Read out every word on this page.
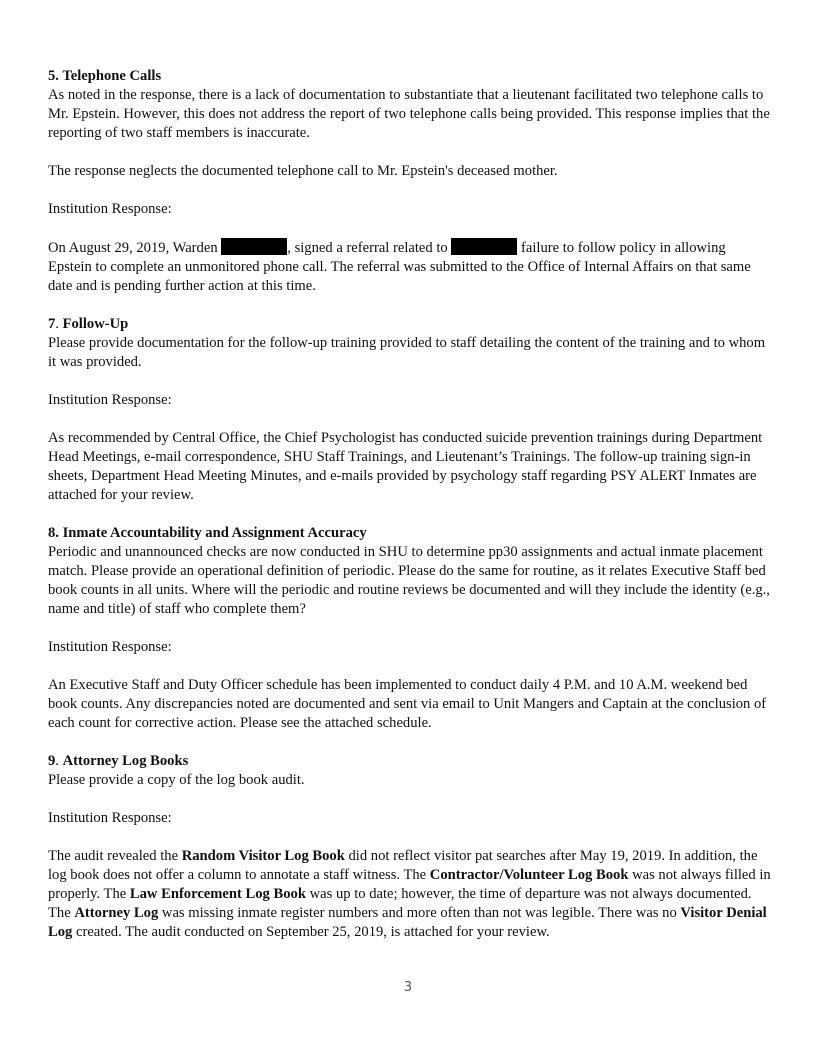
5. Telephone Calls

As noted in the response, there is a lack of documentation to substantiate that a lieutenant facilitated two telephone calls to Mr. Epstein. However, this does not address the report of two telephone calls being provided. This response implies that the reporting of two staff members is inaccurate.

The response neglects the documented telephone call to Mr. Epstein's deceased mother.

Institution Response:

On August 29, 2019, Warden	, signed a referral related to	failure to follow policy in allowing Epstein to complete an unmonitored phone call. The referral was submitted to the Office of Internal Affairs on that same date and is pending further action at this time.

7. Follow-Up

Please provide documentation for the follow-up training provided to staff detailing the content of the training and to whom it was provided.

Institution Response:

As recommended by Central Office, the Chief Psychologist has conducted suicide prevention trainings during Department Head Meetings, e-mail correspondence, SHU Staff Trainings, and Lieutenant’s Trainings. The follow-up training sign-in sheets, Department Head Meeting Minutes, and e-mails provided by psychology staff regarding PSY ALERT Inmates are attached for your review.

8. Inmate Accountability and Assignment Accuracy

Periodic and unannounced checks are now conducted in SHU to determine pp30 assignments and actual inmate placement match. Please provide an operational definition of periodic. Please do the same for routine, as it relates Executive Staff bed book counts in all units. Where will the periodic and routine reviews be documented and will they include the identity (e.g., name and title) of staff who complete them?

Institution Response:

An Executive Staff and Duty Officer schedule has been implemented to conduct daily 4 P.M. and 10 A.M. weekend bed book counts. Any discrepancies noted are documented and sent via email to Unit Mangers and Captain at the conclusion of each count for corrective action. Please see the attached schedule.

9. Attorney Log Books

Please provide a copy of the log book audit.

Institution Response:

The audit revealed the Random Visitor Log Book did not reflect visitor pat searches after May 19, 2019. In addition, the log book does not offer a column to annotate a staff witness. The Contractor/Volunteer Log Book was not always filled in properly. The Law Enforcement Log Book was up to date; however, the time of departure was not always documented. The Attorney Log was missing inmate register numbers and more often than not was legible. There was no Visitor Denial Log created. The audit conducted on September 25, 2019, is attached for your review.

3
